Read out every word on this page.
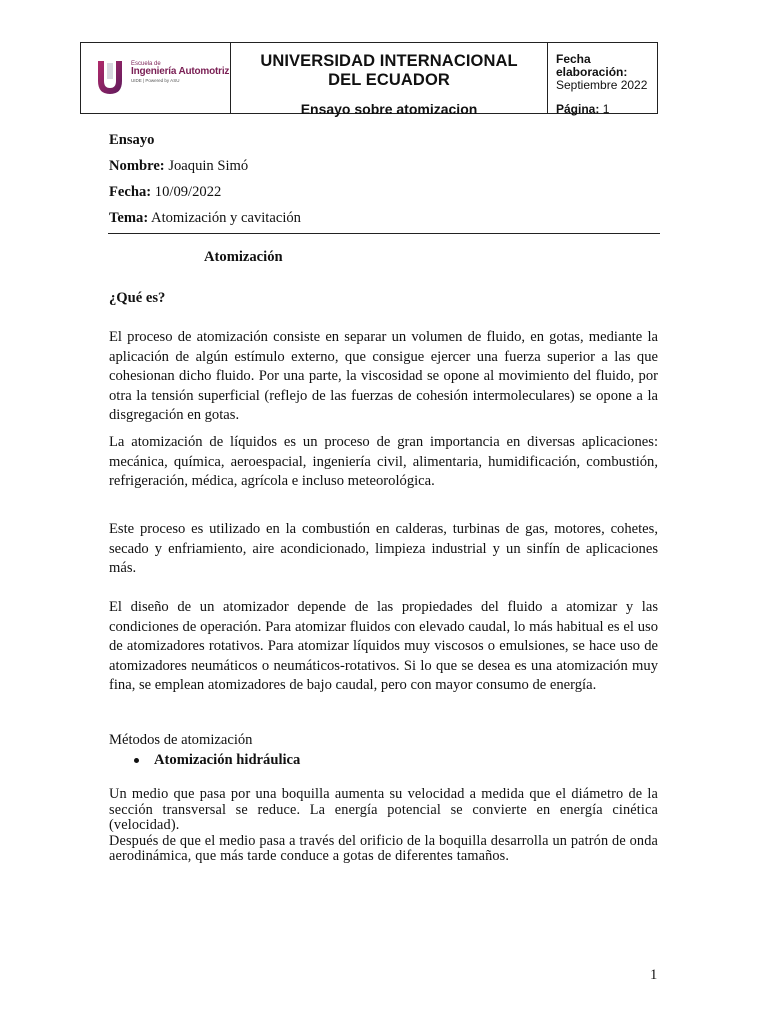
Escuela de
Ingeniería Automotriz
UIDE | Powered by ASU
UNIVERSIDAD INTERNACIONAL
DEL ECUADOR
Ensayo sobre atomizacion
Fecha elaboración:
Septiembre 2022
Página: 1
Ensayo
Nombre: Joaquin Simó
Fecha: 10/09/2022
Tema: Atomización y cavitación
Atomización
¿Qué es?

El proceso de atomización consiste en separar un volumen de fluido, en gotas, mediante la aplicación de algún estímulo externo, que consigue ejercer una fuerza superior a las que cohesionan dicho fluido. Por una parte, la viscosidad se opone al movimiento del fluido, por otra la tensión superficial (reflejo de las fuerzas de cohesión intermoleculares) se opone a la disgregación en gotas.

La atomización de líquidos es un proceso de gran importancia en diversas aplicaciones: mecánica, química, aeroespacial, ingeniería civil, alimentaria, humidificación, combustión, refrigeración, médica, agrícola e incluso meteorológica.

Este proceso es utilizado en la combustión en calderas, turbinas de gas, motores, cohetes, secado y enfriamiento, aire acondicionado, limpieza industrial y un sinfín de aplicaciones más.

El diseño de un atomizador depende de las propiedades del fluido a atomizar y las condiciones de operación. Para atomizar fluidos con elevado caudal, lo más habitual es el uso de atomizadores rotativos. Para atomizar líquidos muy viscosos o emulsiones, se hace uso de atomizadores neumáticos o neumáticos-rotativos. Si lo que se desea es una atomización muy fina, se emplean atomizadores de bajo caudal, pero con mayor consumo de energía.

Métodos de atomización
Atomización hidráulica
Un medio que pasa por una boquilla aumenta su velocidad a medida que el diámetro de la sección transversal se reduce. La energía potencial se convierte en energía cinética (velocidad).
Después de que el medio pasa a través del orificio de la boquilla desarrolla un patrón de onda aerodinámica, que más tarde conduce a gotas de diferentes tamaños.
1
